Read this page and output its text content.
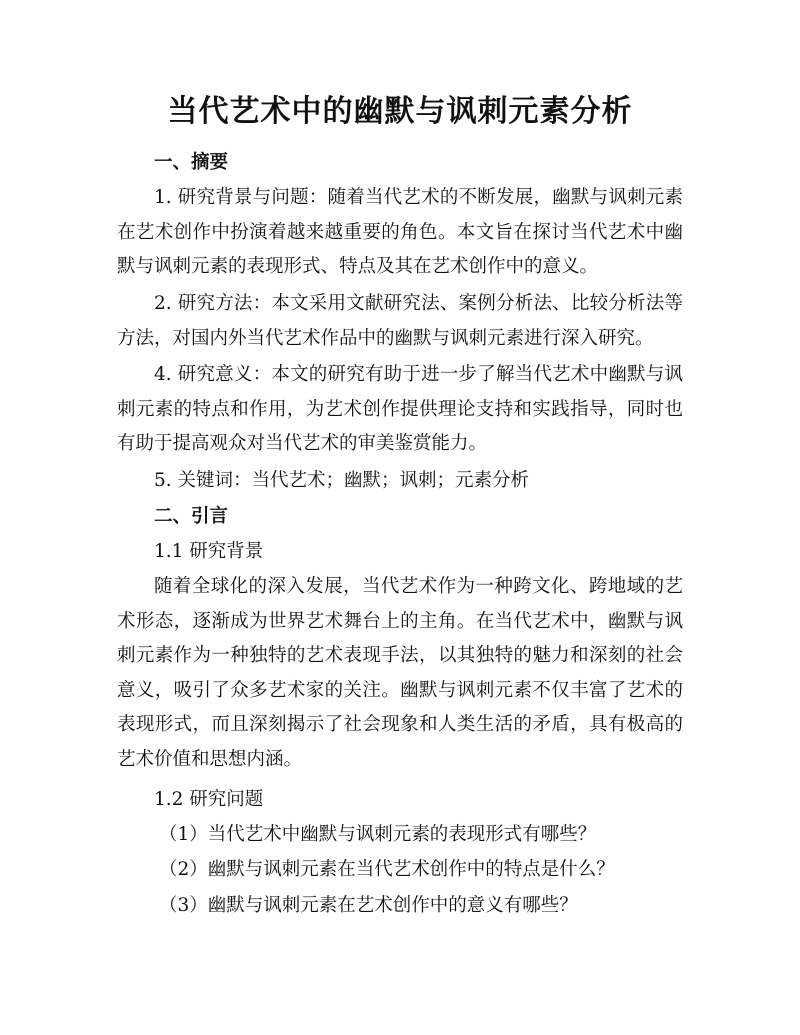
当代艺术中的幽默与讽刺元素分析
一、摘要

1. 研究背景与问题：随着当代艺术的不断发展，幽默与讽刺元素在艺术创作中扮演着越来越重要的角色。本文旨在探讨当代艺术中幽默与讽刺元素的表现形式、特点及其在艺术创作中的意义。

2. 研究方法：本文采用文献研究法、案例分析法、比较分析法等方法，对国内外当代艺术作品中的幽默与讽刺元素进行深入研究。

4. 研究意义：本文的研究有助于进一步了解当代艺术中幽默与讽刺元素的特点和作用，为艺术创作提供理论支持和实践指导，同时也有助于提高观众对当代艺术的审美鉴赏能力。

5. 关键词：当代艺术；幽默；讽刺；元素分析

二、引言
1.1 研究背景

随着全球化的深入发展，当代艺术作为一种跨文化、跨地域的艺术形态，逐渐成为世界艺术舞台上的主角。在当代艺术中，幽默与讽刺元素作为一种独特的艺术表现手法，以其独特的魅力和深刻的社会意义，吸引了众多艺术家的关注。幽默与讽刺元素不仅丰富了艺术的表现形式，而且深刻揭示了社会现象和人类生活的矛盾，具有极高的艺术价值和思想内涵。

1.2 研究问题
（1）当代艺术中幽默与讽刺元素的表现形式有哪些？
（2）幽默与讽刺元素在当代艺术创作中的特点是什么？
（3）幽默与讽刺元素在艺术创作中的意义有哪些？
